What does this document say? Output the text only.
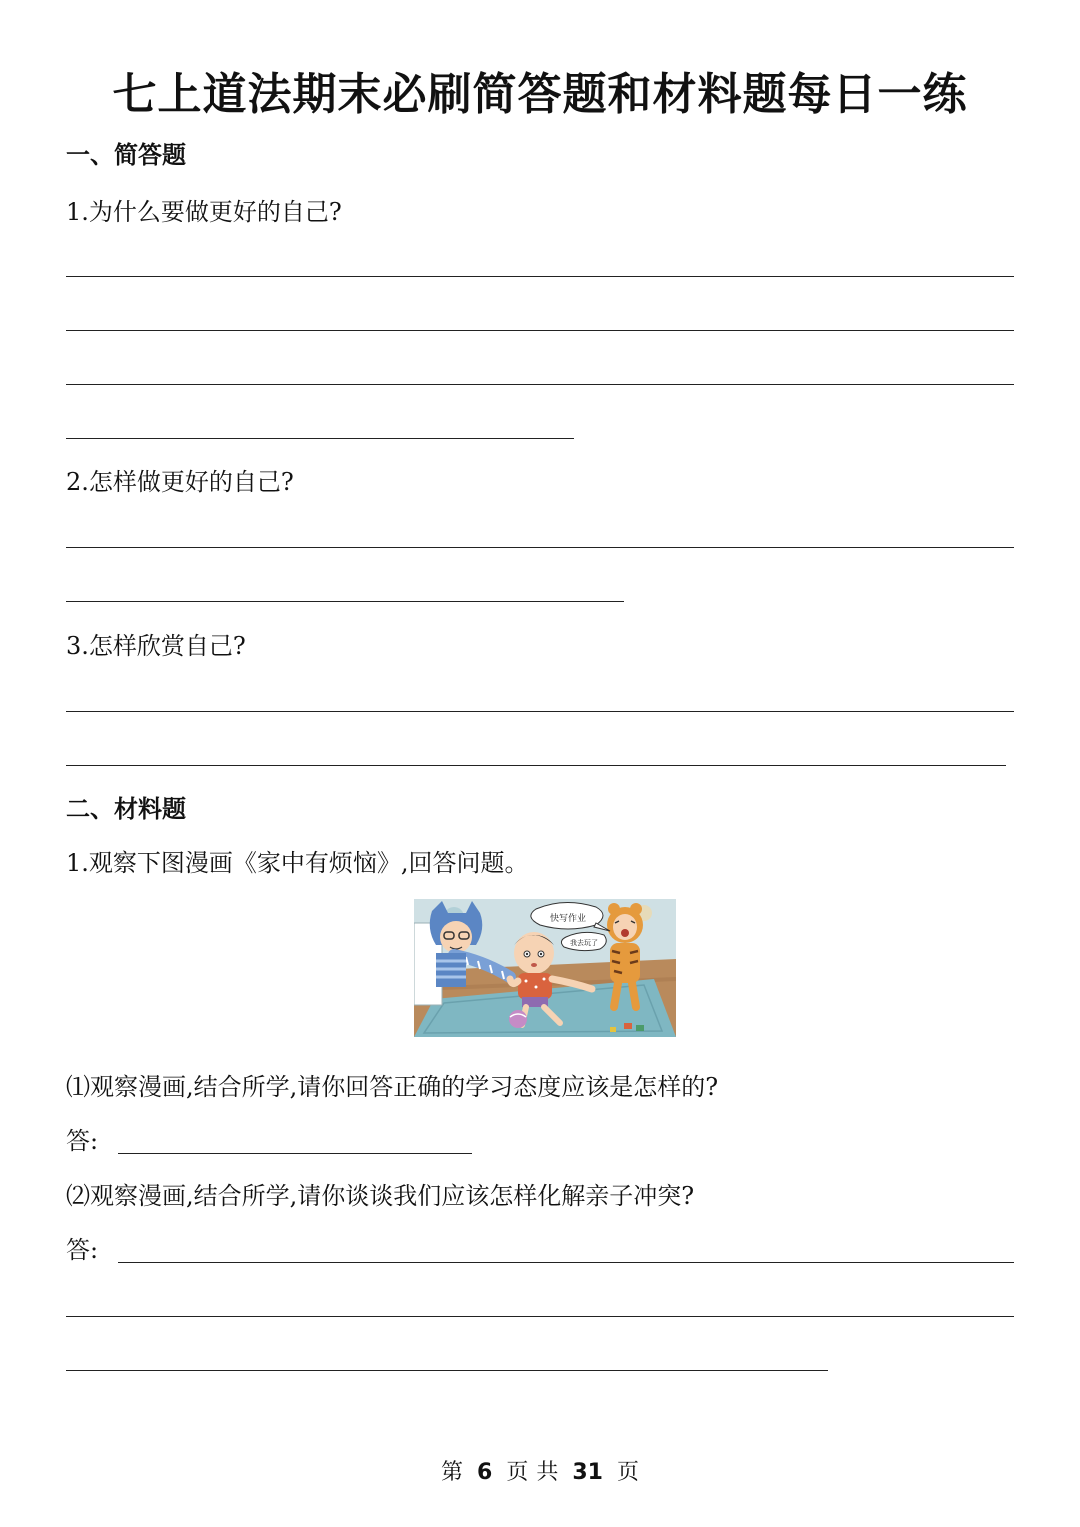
七上道法期末必刷简答题和材料题每日一练
一、简答题
1.为什么要做更好的自己?
2.怎样做更好的自己?
3.怎样欣赏自己?
二、材料题
1.观察下图漫画《家中有烦恼》,回答问题。
快写作业
我去玩了
⑴观察漫画,结合所学,请你回答正确的学习态度应该是怎样的?
答:
⑵观察漫画,结合所学,请你谈谈我们应该怎样化解亲子冲突?
答:
第 6 页 共 31 页
